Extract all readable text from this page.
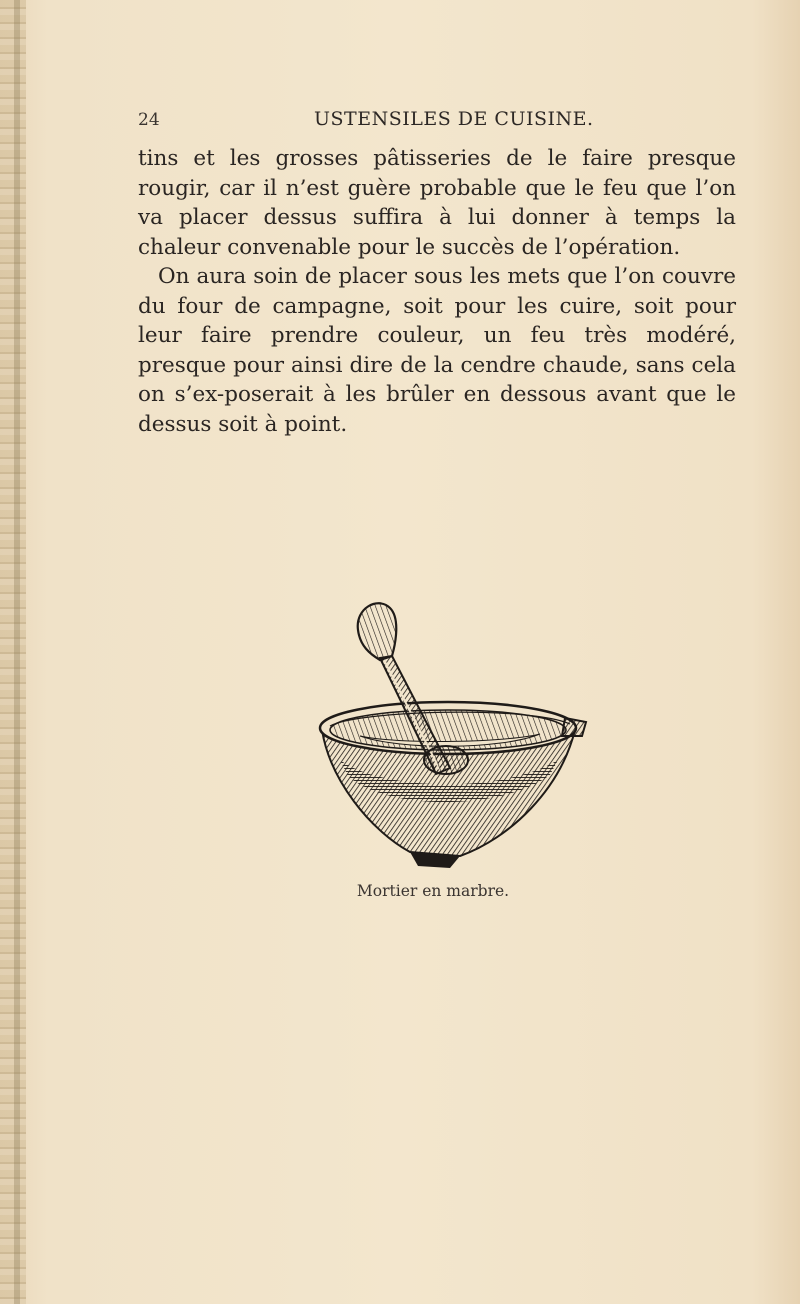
24	USTENSILES DE CUISINE.

tins et les grosses pâtisseries de le faire presque rougir, car il n’est guère probable que le feu que l’on va placer dessus suffira à lui donner à temps la chaleur convenable pour le succès de l’opération.

On aura soin de placer sous les mets que l’on couvre du four de campagne, soit pour les cuire, soit pour leur faire prendre couleur, un feu très modéré, presque pour ainsi dire de la cendre chaude, sans cela on s’ex-poserait à les brûler en dessous avant que le dessus soit à point.

Mortier en marbre.
